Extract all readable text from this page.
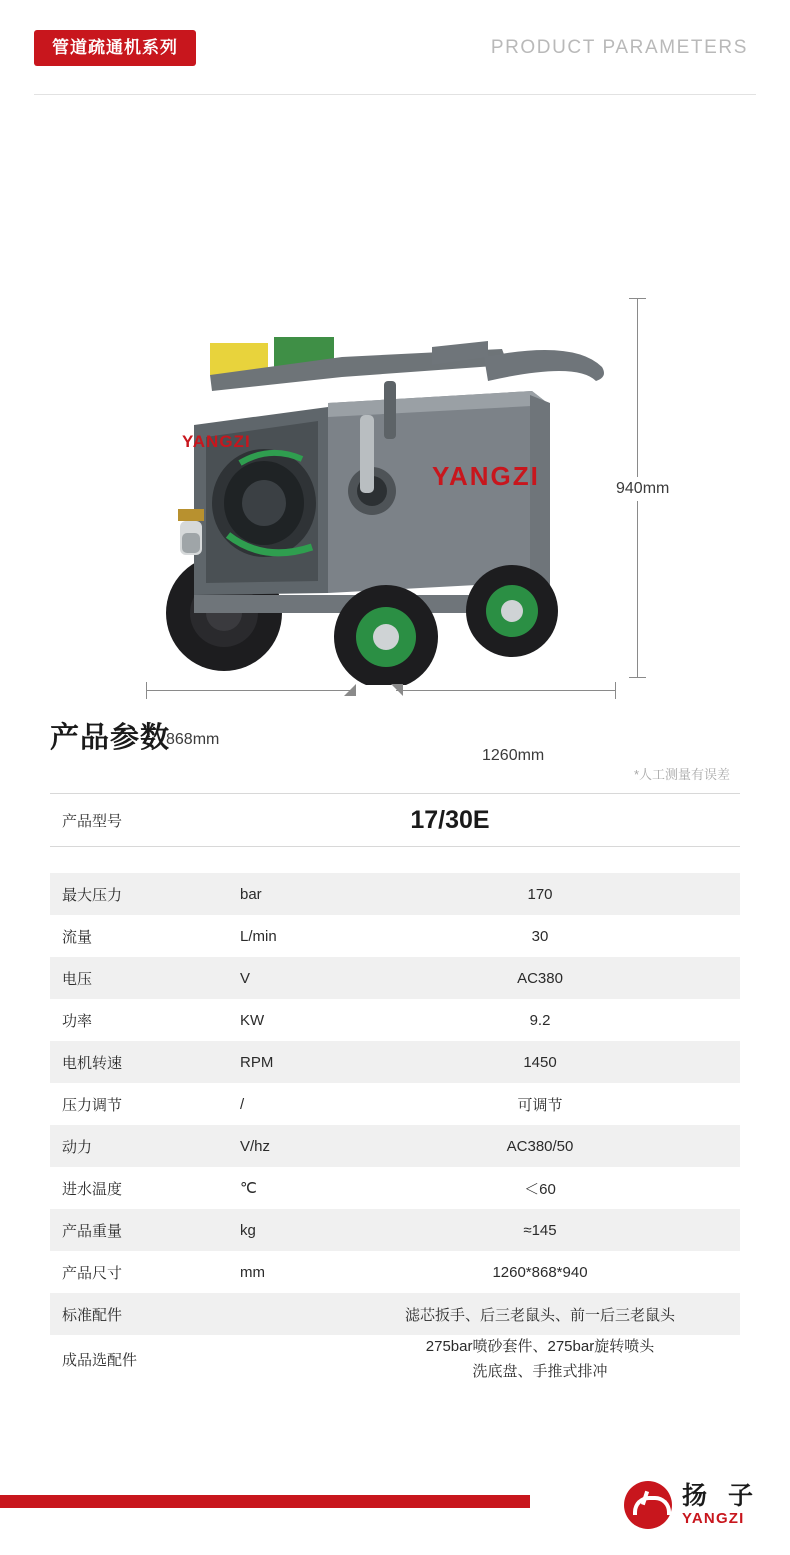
管道疏通机系列	PRODUCT PARAMETERS
YANGZI
YANGZI
940mm
868mm
1260mm
产品参数
*人工测量有误差
产品型号	17/30E
最大压力	bar	170
流量	L/min	30
电压	V	AC380
功率	KW	9.2
电机转速	RPM	1450
压力调节	/	可调节
动力	V/hz	AC380/50
进水温度	℃	＜60
产品重量	kg	≈145
产品尺寸	mm	1260*868*940
标准配件		滤芯扳手、后三老鼠头、前一后三老鼠头
成品选配件		275bar喷砂套件、275bar旋转喷头
洗底盘、手推式排冲
扬 子
YANGZI
